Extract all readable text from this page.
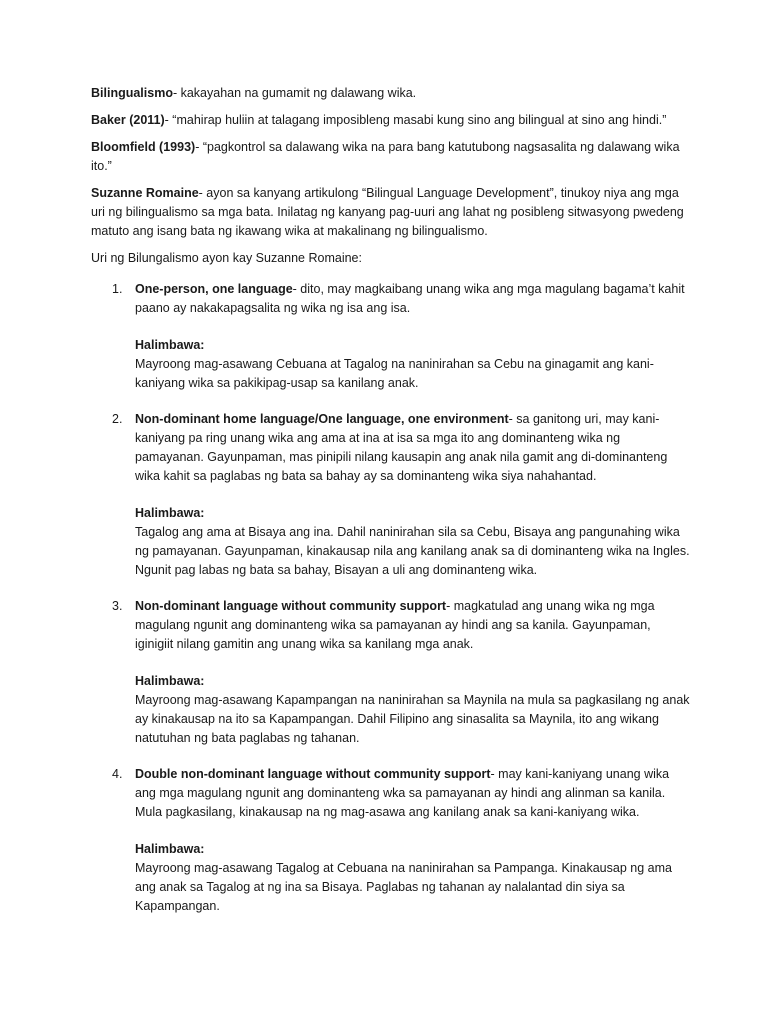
Bilingualismo- kakayahan na gumamit ng dalawang wika.

Baker (2011)- “mahirap huliin at talagang imposibleng masabi kung sino ang bilingual at sino ang hindi.”

Bloomfield (1993)- “pagkontrol sa dalawang wika na para bang katutubong nagsasalita ng dalawang wika ito.”

Suzanne Romaine- ayon sa kanyang artikulong “Bilingual Language Development”, tinukoy niya ang mga uri ng bilingualismo sa mga bata. Inilatag ng kanyang pag-uuri ang lahat ng posibleng sitwasyong pwedeng matuto ang isang bata ng ikawang wika at makalinang ng bilingualismo.

Uri ng Bilungalismo ayon kay Suzanne Romaine:

1. One-person, one language- dito, may magkaibang unang wika ang mga magulang bagama’t kahit paano ay nakakapagsalita ng wika ng isa ang isa.

Halimbawa:

Mayroong mag-asawang Cebuana at Tagalog na naninirahan sa Cebu na ginagamit ang kani-kaniyang wika sa pakikipag-usap sa kanilang anak.

2. Non-dominant home language/One language, one environment- sa ganitong uri, may kani-kaniyang pa ring unang wika ang ama at ina at isa sa mga ito ang dominanteng wika ng pamayanan. Gayunpaman, mas pinipili nilang kausapin ang anak nila gamit ang di-dominanteng wika kahit sa paglabas ng bata sa bahay ay sa dominanteng wika siya nahahantad.

Halimbawa:

Tagalog ang ama at Bisaya ang ina. Dahil naninirahan sila sa Cebu, Bisaya ang pangunahing wika ng pamayanan. Gayunpaman, kinakausap nila ang kanilang anak sa di dominanteng wika na Ingles. Ngunit pag labas ng bata sa bahay, Bisayan a uli ang dominanteng wika.

3. Non-dominant language without community support- magkatulad ang unang wika ng mga magulang ngunit ang dominanteng wika sa pamayanan ay hindi ang sa kanila. Gayunpaman, iginigiit nilang gamitin ang unang wika sa kanilang mga anak.

Halimbawa:

Mayroong mag-asawang Kapampangan na naninirahan sa Maynila na mula sa pagkasilang ng anak ay kinakausap na ito sa Kapampangan. Dahil Filipino ang sinasalita sa Maynila, ito ang wikang natutuhan ng bata paglabas ng tahanan.

4. Double non-dominant language without community support- may kani-kaniyang unang wika ang mga magulang ngunit ang dominanteng wka sa pamayanan ay hindi ang alinman sa kanila. Mula pagkasilang, kinakausap na ng mag-asawa ang kanilang anak sa kani-kaniyang wika.

Halimbawa:

Mayroong mag-asawang Tagalog at Cebuana na naninirahan sa Pampanga. Kinakausap ng ama ang anak sa Tagalog at ng ina sa Bisaya. Paglabas ng tahanan ay nalalantad din siya sa Kapampangan.
